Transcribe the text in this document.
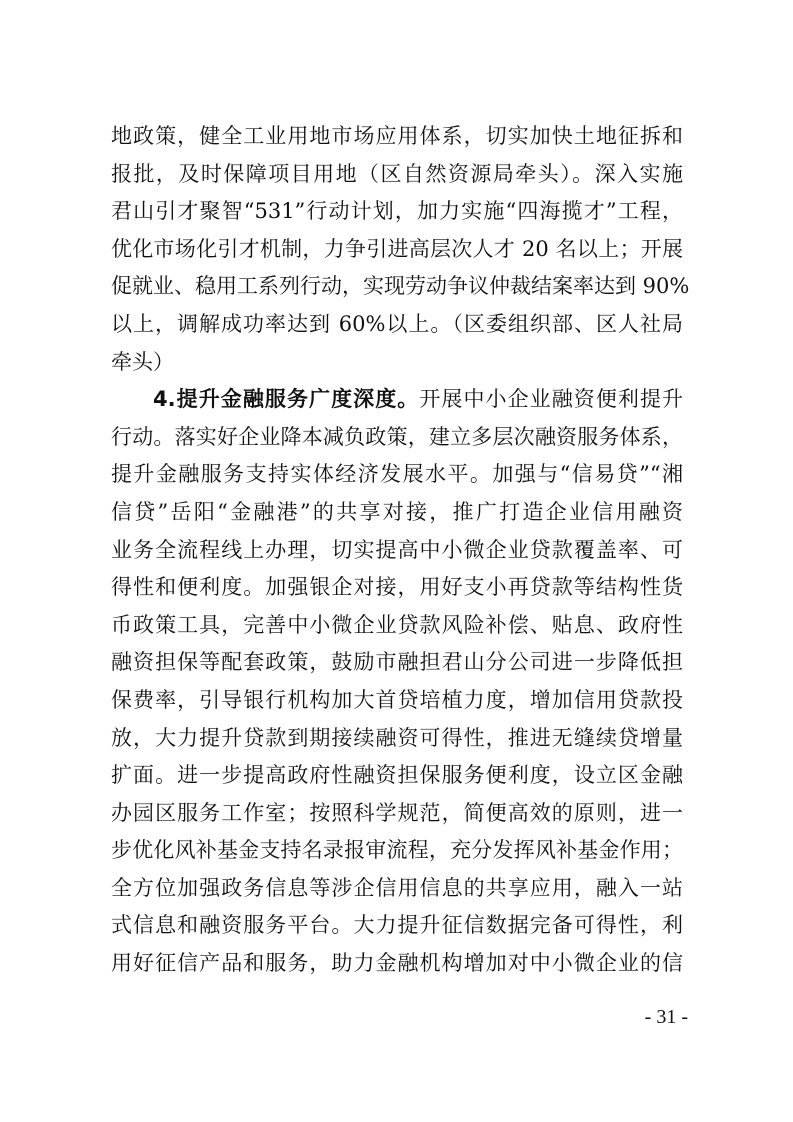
地政策，健全工业用地市场应用体系，切实加快土地征拆和
报批，及时保障项目用地（区自然资源局牵头）。深入实施
君山引才聚智“531”行动计划，加力实施“四海揽才”工程，
优化市场化引才机制，力争引进高层次人才 20 名以上；开展
促就业、稳用工系列行动，实现劳动争议仲裁结案率达到 90%
以上，调解成功率达到 60%以上。（区委组织部、区人社局
牵头）
4.提升金融服务广度深度。开展中小企业融资便利提升
行动。落实好企业降本减负政策，建立多层次融资服务体系，
提升金融服务支持实体经济发展水平。加强与“信易贷”“湘
信贷”岳阳“金融港”的共享对接，推广打造企业信用融资
业务全流程线上办理，切实提高中小微企业贷款覆盖率、可
得性和便利度。加强银企对接，用好支小再贷款等结构性货
币政策工具，完善中小微企业贷款风险补偿、贴息、政府性
融资担保等配套政策，鼓励市融担君山分公司进一步降低担
保费率，引导银行机构加大首贷培植力度，增加信用贷款投
放，大力提升贷款到期接续融资可得性，推进无缝续贷增量
扩面。进一步提高政府性融资担保服务便利度，设立区金融
办园区服务工作室；按照科学规范，简便高效的原则，进一
步优化风补基金支持名录报审流程，充分发挥风补基金作用；
全方位加强政务信息等涉企信用信息的共享应用，融入一站
式信息和融资服务平台。大力提升征信数据完备可得性，利
用好征信产品和服务，助力金融机构增加对中小微企业的信
- 31 -
